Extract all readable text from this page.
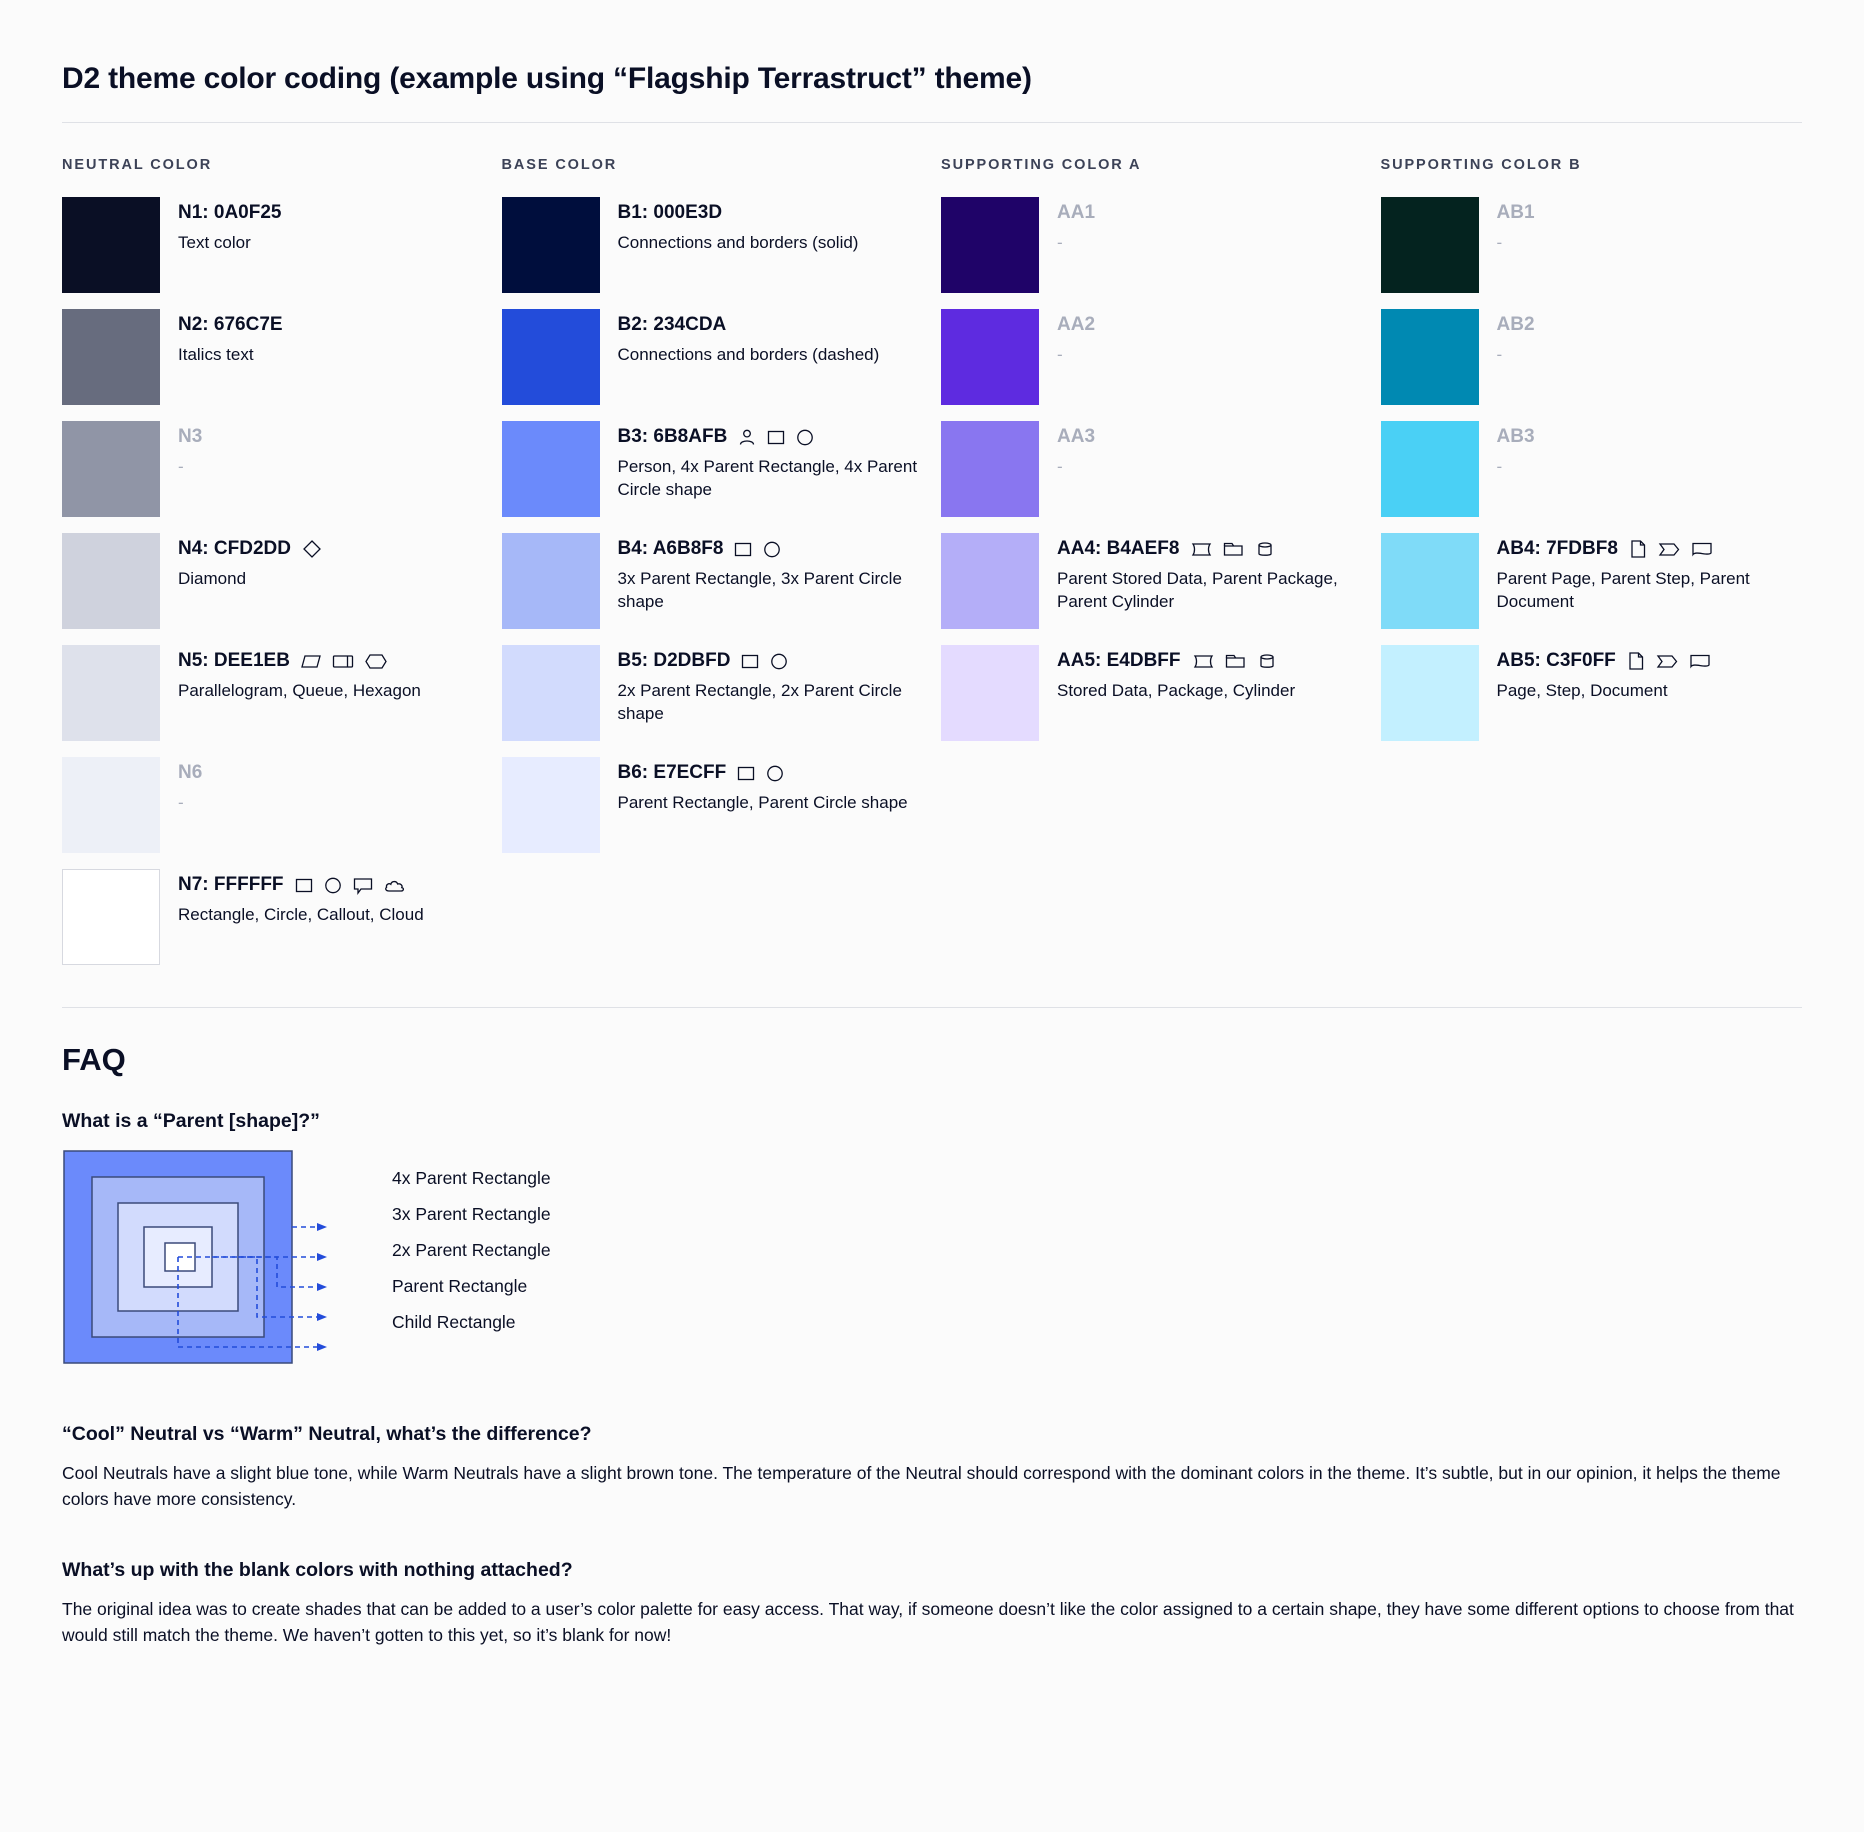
D2 theme color coding (example using “Flagship Terrastruct” theme)
NEUTRAL COLOR
N1: 0A0F25
Text color
N2: 676C7E
Italics text
N3
-
N4: CFD2DD
Diamond
N5: DEE1EB
Parallelogram, Queue, Hexagon
N6
-
N7: FFFFFF
Rectangle, Circle, Callout, Cloud
BASE COLOR
B1: 000E3D
Connections and borders (solid)
B2: 234CDA
Connections and borders (dashed)
B3: 6B8AFB
Person, 4x Parent Rectangle, 4x Parent Circle shape
B4: A6B8F8
3x Parent Rectangle, 3x Parent Circle shape
B5: D2DBFD
2x Parent Rectangle, 2x Parent Circle shape
B6: E7ECFF
Parent Rectangle, Parent Circle shape
SUPPORTING COLOR A
AA1
-
AA2
-
AA3
-
AA4: B4AEF8
Parent Stored Data, Parent Package, Parent Cylinder
AA5: E4DBFF
Stored Data, Package, Cylinder
SUPPORTING COLOR B
AB1
-
AB2
-
AB3
-
AB4: 7FDBF8
Parent Page, Parent Step, Parent Document
AB5: C3F0FF
Page, Step, Document
FAQ

What is a “Parent [shape]?”

4x Parent Rectangle
3x Parent Rectangle
2x Parent Rectangle
Parent Rectangle
Child Rectangle

“Cool” Neutral vs “Warm” Neutral, what’s the difference?

Cool Neutrals have a slight blue tone, while Warm Neutrals have a slight brown tone. The temperature of the Neutral should correspond with the dominant colors in the theme. It’s subtle, but in our opinion, it helps the theme colors have more consistency.

What’s up with the blank colors with nothing attached?

The original idea was to create shades that can be added to a user’s color palette for easy access. That way, if someone doesn’t like the color assigned to a certain shape, they have some different options to choose from that would still match the theme. We haven’t gotten to this yet, so it’s blank for now!
